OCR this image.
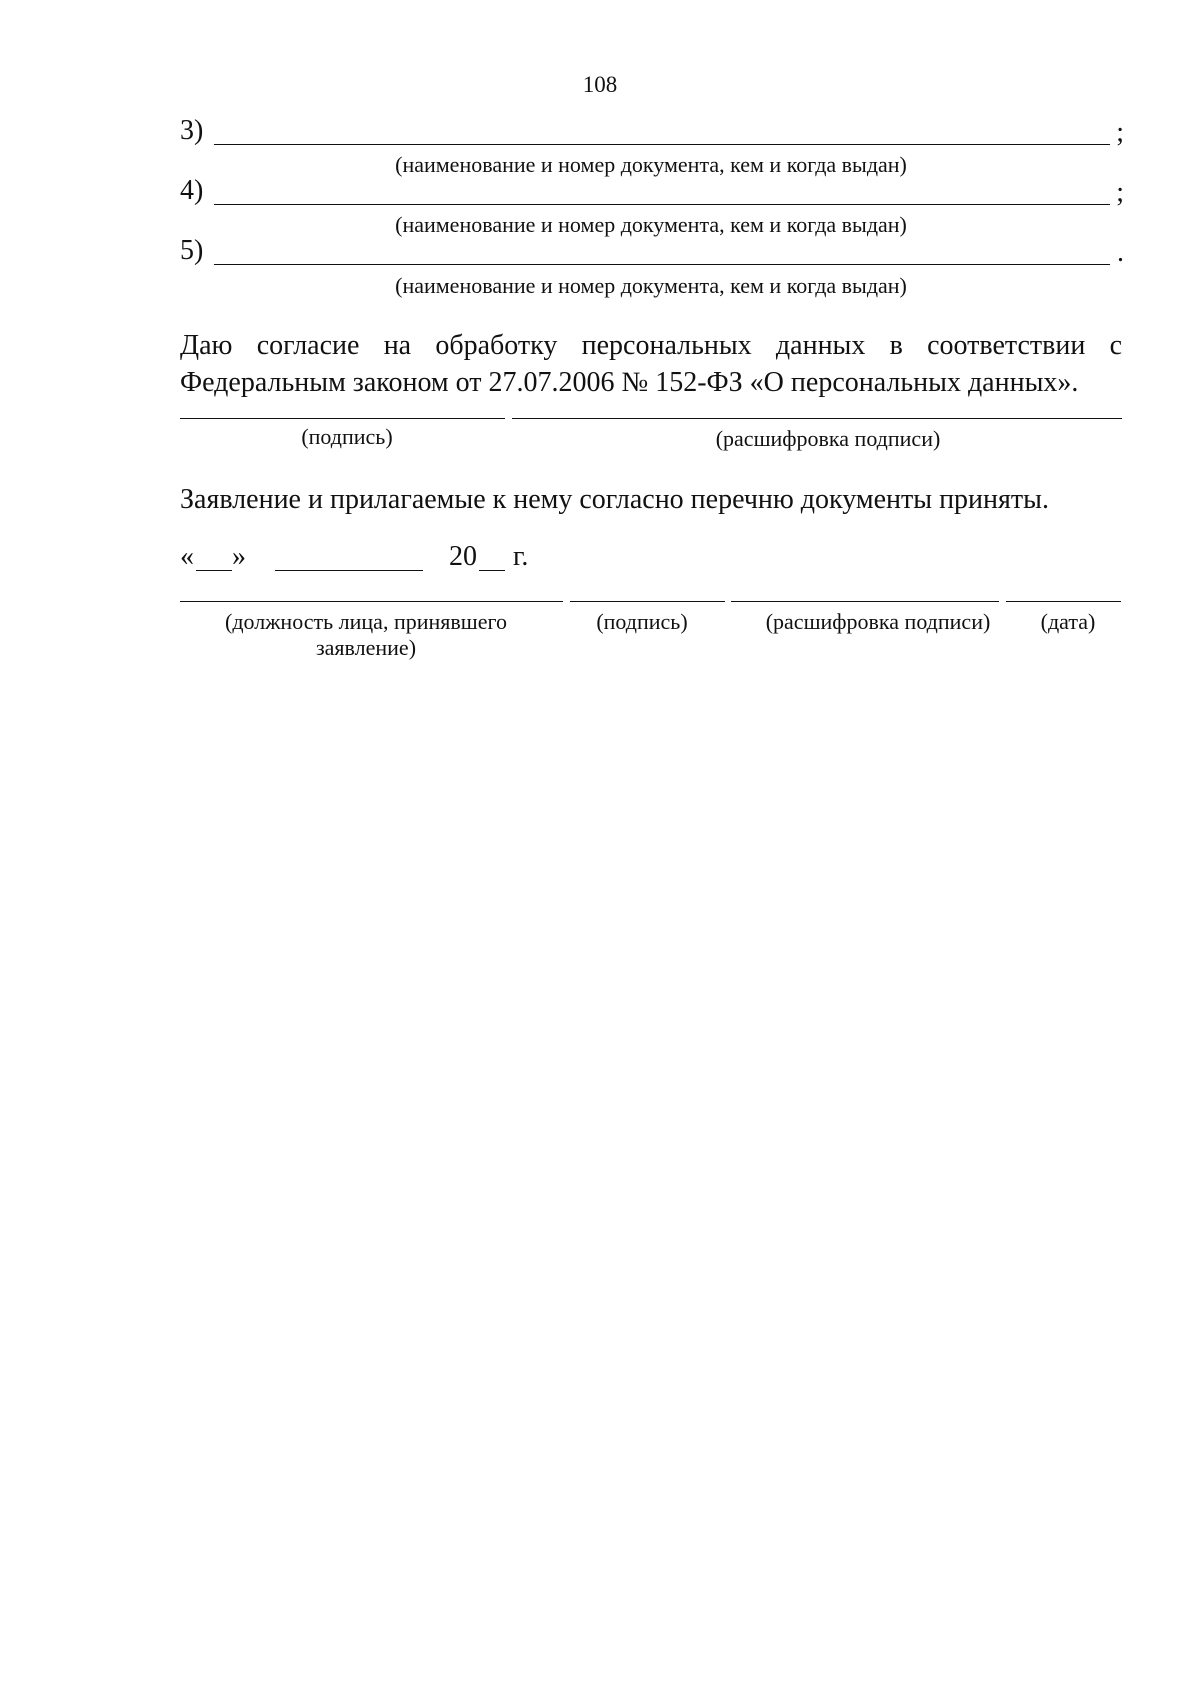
108
3)	;
(наименование и номер документа, кем и когда выдан)
4)	;
(наименование и номер документа, кем и когда выдан)
5)	.
(наименование и номер документа, кем и когда выдан)

Даю согласие на обработку персональных данных в соответствии с

Федеральным законом от 27.07.2006 № 152-ФЗ «О персональных данных».

(подпись)	(расшифровка подписи)
Заявление и прилагаемые к нему согласно перечню документы приняты.
« »	20 г.
(должность лица, принявшего
заявление)
(подпись)	(расшифровка подписи) (дата)
